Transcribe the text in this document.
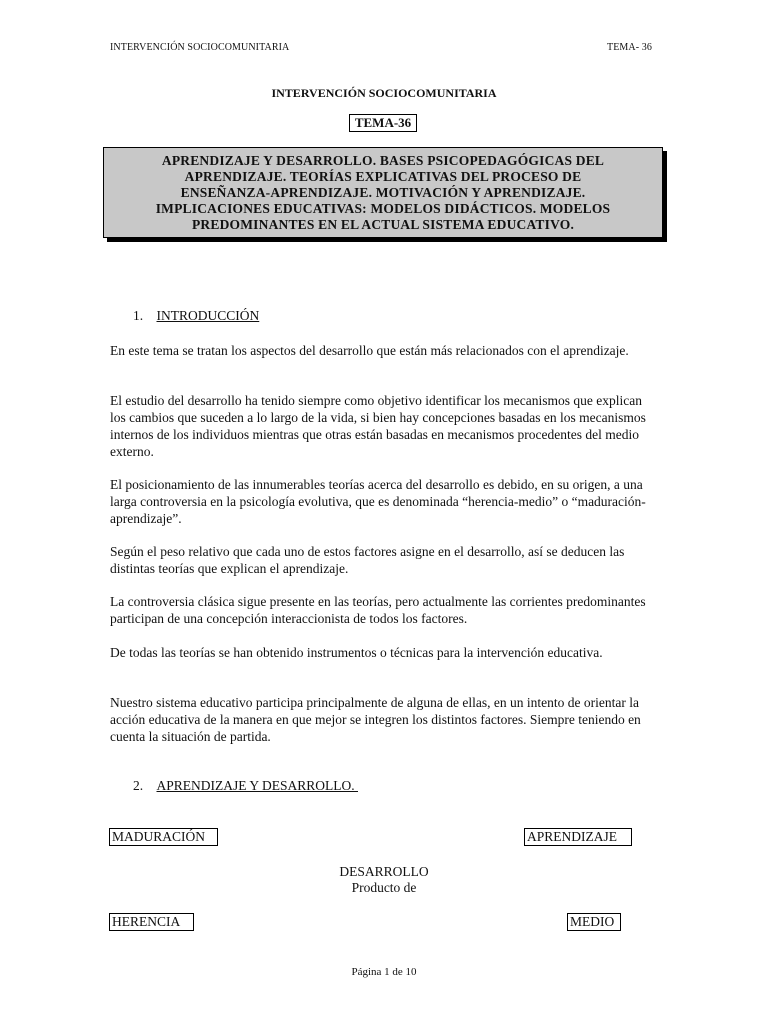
INTERVENCIÓN SOCIOCOMUNITARIA	TEMA- 36
INTERVENCIÓN SOCIOCOMUNITARIA
TEMA-36
APRENDIZAJE Y DESARROLLO. BASES PSICOPEDAGÓGICAS DEL
APRENDIZAJE. TEORÍAS EXPLICATIVAS DEL PROCESO DE
ENSEÑANZA-APRENDIZAJE. MOTIVACIÓN Y APRENDIZAJE.
IMPLICACIONES EDUCATIVAS: MODELOS DIDÁCTICOS. MODELOS
PREDOMINANTES EN EL ACTUAL SISTEMA EDUCATIVO.
1. INTRODUCCIÓN

En este tema se tratan los aspectos del desarrollo que están más relacionados con el aprendizaje.

El estudio del desarrollo ha tenido siempre como objetivo identificar los mecanismos que explican los cambios que suceden a lo largo de la vida, si bien hay concepciones basadas en los mecanismos internos de los individuos mientras que otras están basadas en mecanismos procedentes del medio externo.

El posicionamiento de las innumerables teorías acerca del desarrollo es debido, en su origen, a una larga controversia en la psicología evolutiva, que es denominada “herencia-medio” o “maduración-aprendizaje”.

Según el peso relativo que cada uno de estos factores asigne en el desarrollo, así se deducen las distintas teorías que explican el aprendizaje.

La controversia clásica sigue presente en las teorías, pero actualmente las corrientes predominantes participan de una concepción interaccionista de todos los factores.

De todas las teorías se han obtenido instrumentos o técnicas para la intervención educativa.

Nuestro sistema educativo participa principalmente de alguna de ellas, en un intento de orientar la acción educativa de la manera en que mejor se integren los distintos factores. Siempre teniendo en cuenta la situación de partida.

2. APRENDIZAJE Y DESARROLLO.
MADURACIÓN	APRENDIZAJE
DESARROLLO
Producto de
HERENCIA	MEDIO
Página 1 de 10
